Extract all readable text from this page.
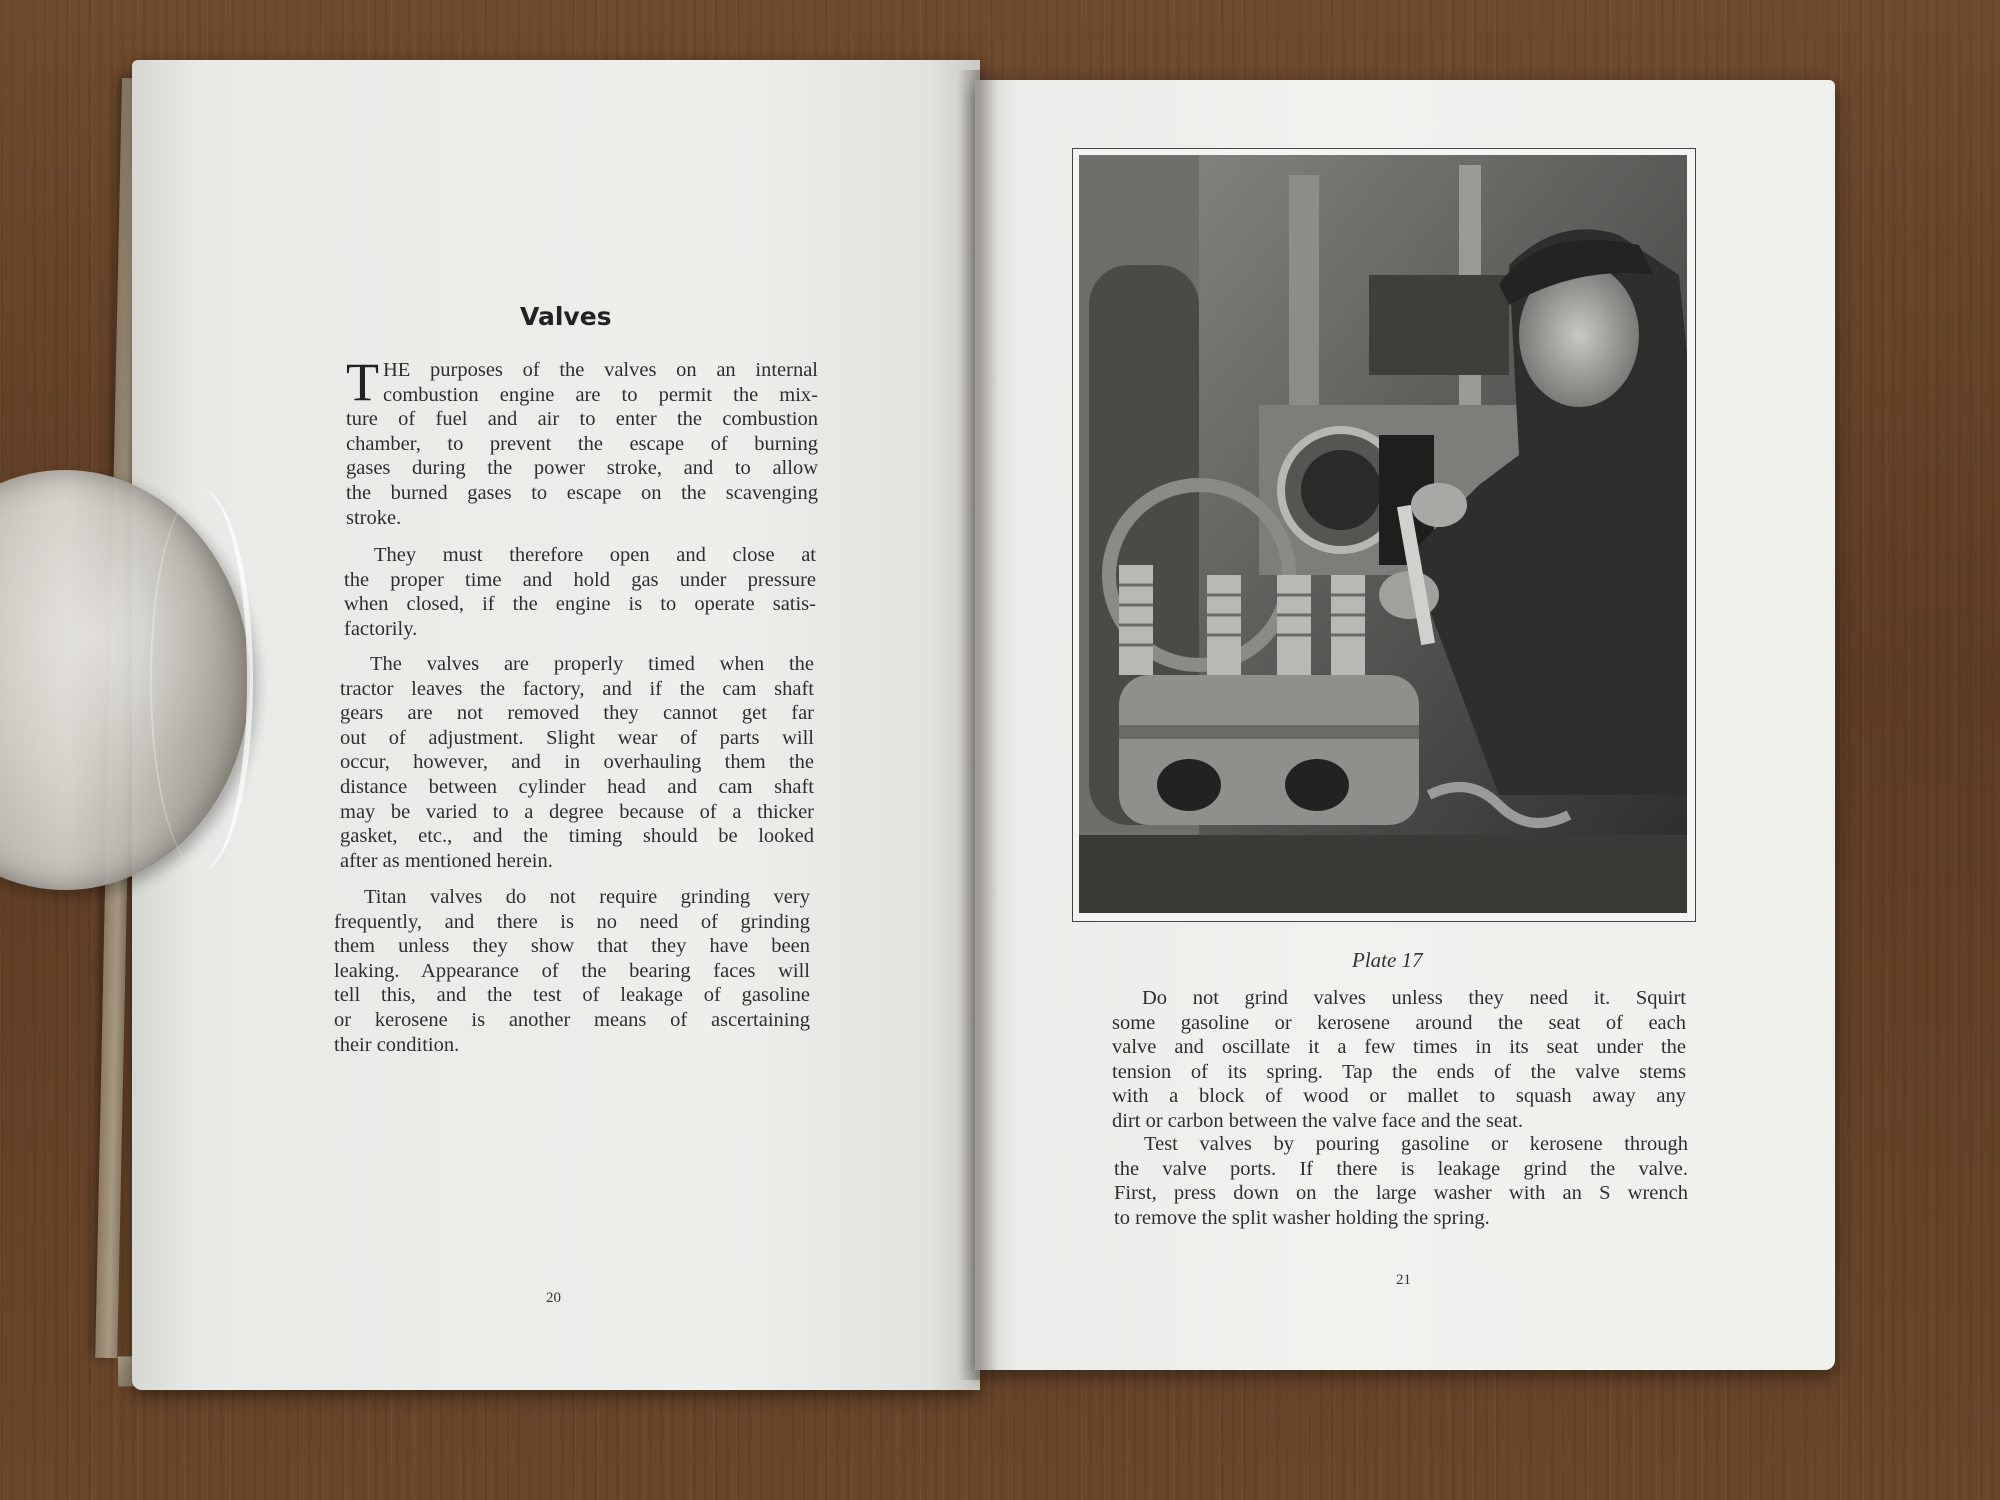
Valves
T HE purposes of the valves on an internal
combustion engine are to permit the mix-
ture of fuel and air to enter the combustion
chamber, to prevent the escape of burning
gases during the power stroke, and to allow
the burned gases to escape on the scavenging
stroke.
They must therefore open and close at
the proper time and hold gas under pressure
when closed, if the engine is to operate satis-
factorily.
The valves are properly timed when the
tractor leaves the factory, and if the cam shaft
gears are not removed they cannot get far
out of adjustment. Slight wear of parts will
occur, however, and in overhauling them the
distance between cylinder head and cam shaft
may be varied to a degree because of a thicker
gasket, etc., and the timing should be looked
after as mentioned herein.
Titan valves do not require grinding very
frequently, and there is no need of grinding
them unless they show that they have been
leaking. Appearance of the bearing faces will
tell this, and the test of leakage of gasoline
or kerosene is another means of ascertaining
their condition.
20
Plate 17
Do not grind valves unless they need it. Squirt
some gasoline or kerosene around the seat of each
valve and oscillate it a few times in its seat under the
tension of its spring. Tap the ends of the valve stems
with a block of wood or mallet to squash away any
dirt or carbon between the valve face and the seat.
Test valves by pouring gasoline or kerosene through
the valve ports. If there is leakage grind the valve.
First, press down on the large washer with an S wrench
to remove the split washer holding the spring.
21
